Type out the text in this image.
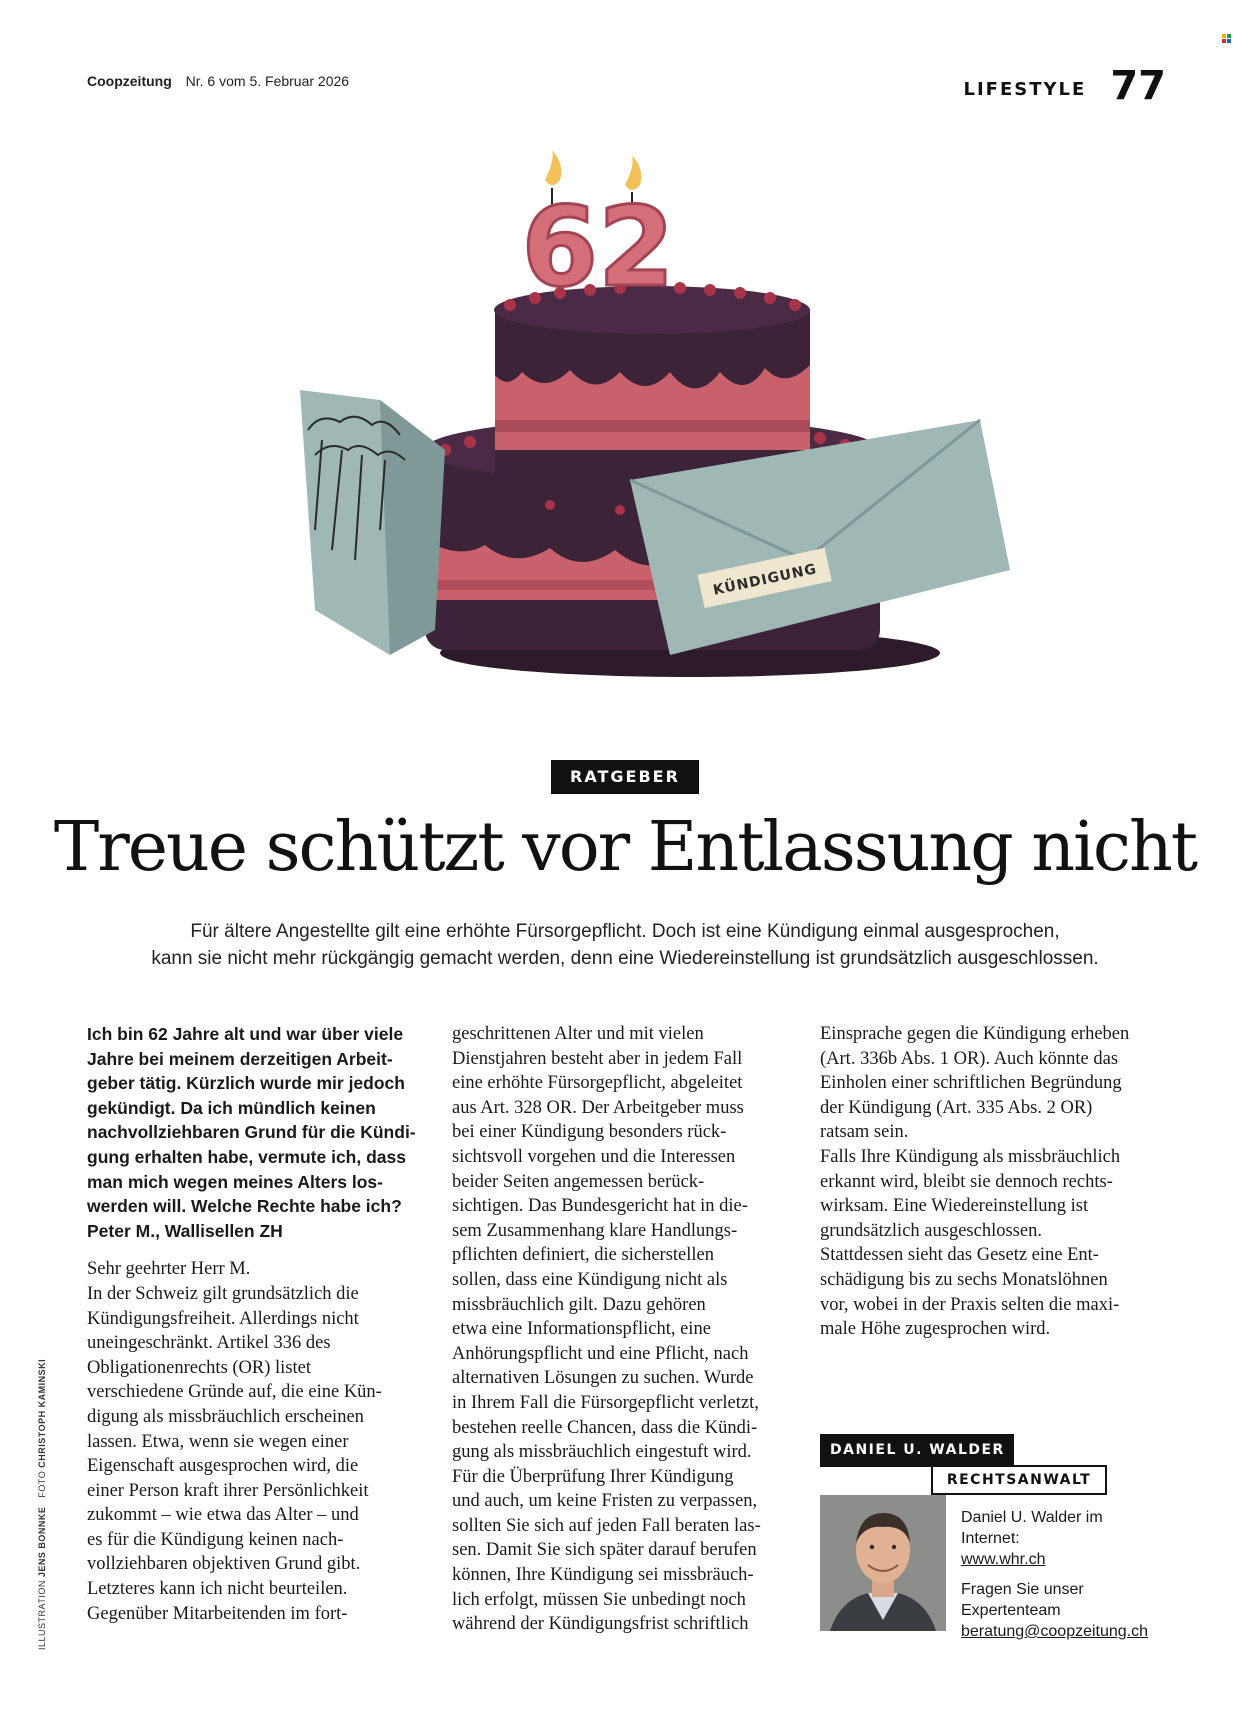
Coopzeitung Nr. 6 vom 5. Februar 2026	LIFESTYLE 77
62
KÜNDIGUNG
RATGEBER
Treue schützt vor Entlassung nicht
Für ältere Angestellte gilt eine erhöhte Fürsorgepflicht. Doch ist eine Kündigung einmal ausgesprochen,
kann sie nicht mehr rückgängig gemacht werden, denn eine Wiedereinstellung ist grundsätzlich ausgeschlossen.
Ich bin 62 Jahre alt und war über viele
Jahre bei meinem derzeitigen Arbeit-
geber tätig. Kürzlich wurde mir jedoch
gekündigt. Da ich mündlich keinen
nachvollziehbaren Grund für die Kündi-
gung erhalten habe, vermute ich, dass
man mich wegen meines Alters los-
werden will. Welche Rechte habe ich?
Peter M., Wallisellen ZH
Sehr geehrter Herr M.
In der Schweiz gilt grundsätzlich die
Kündigungsfreiheit. Allerdings nicht
uneingeschränkt. Artikel 336 des
Obligationenrechts (OR) listet
verschiedene Gründe auf, die eine Kün-
digung als missbräuchlich erscheinen
lassen. Etwa, wenn sie wegen einer
Eigenschaft ausgesprochen wird, die
einer Person kraft ihrer Persönlichkeit
zukommt – wie etwa das Alter – und
es für die Kündigung keinen nach-
vollziehbaren objektiven Grund gibt.
Letzteres kann ich nicht beurteilen.
Gegenüber Mitarbeitenden im fort-
geschrittenen Alter und mit vielen
Dienstjahren besteht aber in jedem Fall
eine erhöhte Fürsorgepflicht, abgeleitet
aus Art. 328 OR. Der Arbeitgeber muss
bei einer Kündigung besonders rück-
sichtsvoll vorgehen und die Interessen
beider Seiten angemessen berück-
sichtigen. Das Bundesgericht hat in die-
sem Zusammenhang klare Handlungs-
pflichten definiert, die sicherstellen
sollen, dass eine Kündigung nicht als
missbräuchlich gilt. Dazu gehören
etwa eine Informationspflicht, eine
Anhörungspflicht und eine Pflicht, nach
alternativen Lösungen zu suchen. Wurde
in Ihrem Fall die Fürsorgepflicht verletzt,
bestehen reelle Chancen, dass die Kündi-
gung als missbräuchlich eingestuft wird.
Für die Überprüfung Ihrer Kündigung
und auch, um keine Fristen zu verpassen,
sollten Sie sich auf jeden Fall beraten las-
sen. Damit Sie sich später darauf berufen
können, Ihre Kündigung sei missbräuch-
lich erfolgt, müssen Sie unbedingt noch
während der Kündigungsfrist schriftlich
Einsprache gegen die Kündigung erheben
(Art. 336b Abs. 1 OR). Auch könnte das
Einholen einer schriftlichen Begründung
der Kündigung (Art. 335 Abs. 2 OR)
ratsam sein.
Falls Ihre Kündigung als missbräuchlich
erkannt wird, bleibt sie dennoch rechts-
wirksam. Eine Wiedereinstellung ist
grundsätzlich ausgeschlossen.
Stattdessen sieht das Gesetz eine Ent-
schädigung bis zu sechs Monatslöhnen
vor, wobei in der Praxis selten die maxi-
male Höhe zugesprochen wird.
ILLUSTRATION JENS BONNKE   FOTO CHRISTOPH KAMINSKI	DANIEL U. WALDER
RECHTSANWALT
Daniel U. Walder im Internet:
www.whr.ch
Fragen Sie unser
Expertenteam
beratung@coopzeitung.ch
